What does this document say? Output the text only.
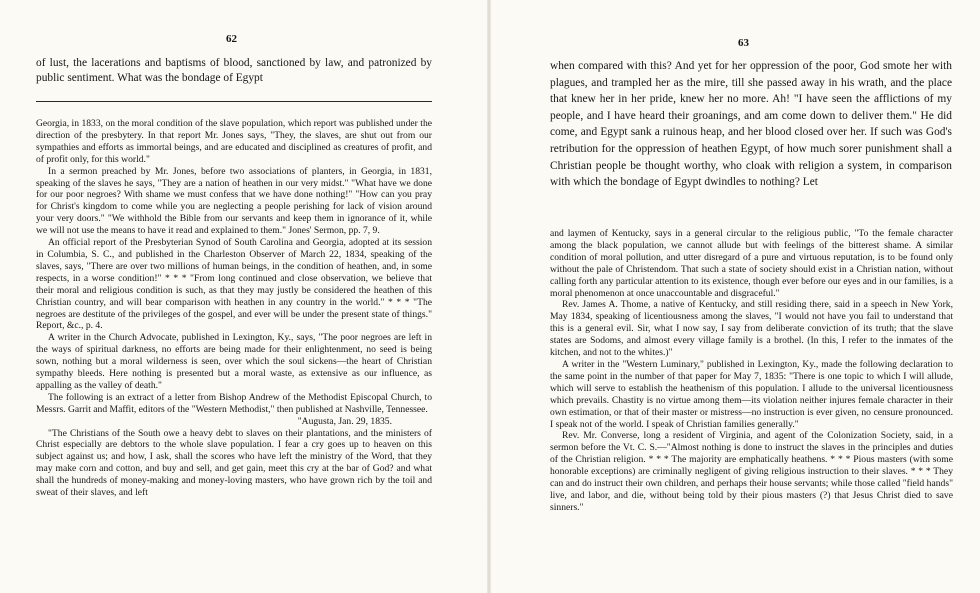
62

of lust, the lacerations and baptisms of blood, sanctioned by law, and patronized by public sentiment. What was the bondage of Egypt

Georgia, in 1833, on the moral condition of the slave population, which report was published under the direction of the presbytery. In that report Mr. Jones says, "They, the slaves, are shut out from our sympathies and efforts as immortal beings, and are educated and disciplined as creatures of profit, and of profit only, for this world."

In a sermon preached by Mr. Jones, before two associations of planters, in Georgia, in 1831, speaking of the slaves he says, "They are a nation of heathen in our very midst." "What have we done for our poor negroes? With shame we must confess that we have done nothing!" "How can you pray for Christ's kingdom to come while you are neglecting a people perishing for lack of vision around your very doors." "We withhold the Bible from our servants and keep them in ignorance of it, while we will not use the means to have it read and explained to them." Jones' Sermon, pp. 7, 9.

An official report of the Presbyterian Synod of South Carolina and Georgia, adopted at its session in Columbia, S. C., and published in the Charleston Observer of March 22, 1834, speaking of the slaves, says, "There are over two millions of human beings, in the condition of heathen, and, in some respects, in a worse condition!" * * * "From long continued and close observation, we believe that their moral and religious condition is such, as that they may justly be considered the heathen of this Christian country, and will bear comparison with heathen in any country in the world." * * * "The negroes are destitute of the privileges of the gospel, and ever will be under the present state of things." Report, &c., p. 4.

A writer in the Church Advocate, published in Lexington, Ky., says, "The poor negroes are left in the ways of spiritual darkness, no efforts are being made for their enlightenment, no seed is being sown, nothing but a moral wilderness is seen, over which the soul sickens—the heart of Christian sympathy bleeds. Here nothing is presented but a moral waste, as extensive as our influence, as appalling as the valley of death."

The following is an extract of a letter from Bishop Andrew of the Methodist Episcopal Church, to Messrs. Garrit and Maffit, editors of the "Western Methodist," then published at Nashville, Tennessee.

"Augusta, Jan. 29, 1835.

"The Christians of the South owe a heavy debt to slaves on their plantations, and the ministers of Christ especially are debtors to the whole slave population. I fear a cry goes up to heaven on this subject against us; and how, I ask, shall the scores who have left the ministry of the Word, that they may make corn and cotton, and buy and sell, and get gain, meet this cry at the bar of God? and what shall the hundreds of money-making and money-loving masters, who have grown rich by the toil and sweat of their slaves, and left

63

when compared with this? And yet for her oppression of the poor, God smote her with plagues, and trampled her as the mire, till she passed away in his wrath, and the place that knew her in her pride, knew her no more. Ah! "I have seen the afflictions of my people, and I have heard their groanings, and am come down to deliver them." He did come, and Egypt sank a ruinous heap, and her blood closed over her. If such was God's retribution for the oppression of heathen Egypt, of how much sorer punishment shall a Christian people be thought worthy, who cloak with religion a system, in comparison with which the bondage of Egypt dwindles to nothing? Let

and laymen of Kentucky, says in a general circular to the religious public, "To the female character among the black population, we cannot allude but with feelings of the bitterest shame. A similar condition of moral pollution, and utter disregard of a pure and virtuous reputation, is to be found only without the pale of Christendom. That such a state of society should exist in a Christian nation, without calling forth any particular attention to its existence, though ever before our eyes and in our families, is a moral phenomenon at once unaccountable and disgraceful."

Rev. James A. Thome, a native of Kentucky, and still residing there, said in a speech in New York, May 1834, speaking of licentiousness among the slaves, "I would not have you fail to understand that this is a general evil. Sir, what I now say, I say from deliberate conviction of its truth; that the slave states are Sodoms, and almost every village family is a brothel. (In this, I refer to the inmates of the kitchen, and not to the whites.)"

A writer in the "Western Luminary," published in Lexington, Ky., made the following declaration to the same point in the number of that paper for May 7, 1835: "There is one topic to which I will allude, which will serve to establish the heathenism of this population. I allude to the universal licentiousness which prevails. Chastity is no virtue among them—its violation neither injures female character in their own estimation, or that of their master or mistress—no instruction is ever given, no censure pronounced. I speak not of the world. I speak of Christian families generally."

Rev. Mr. Converse, long a resident of Virginia, and agent of the Colonization Society, said, in a sermon before the Vt. C. S.—"Almost nothing is done to instruct the slaves in the principles and duties of the Christian religion. * * * The majority are emphatically heathens. * * * Pious masters (with some honorable exceptions) are criminally negligent of giving religious instruction to their slaves. * * * They can and do instruct their own children, and perhaps their house servants; while those called "field hands" live, and labor, and die, without being told by their pious masters (?) that Jesus Christ died to save sinners."
